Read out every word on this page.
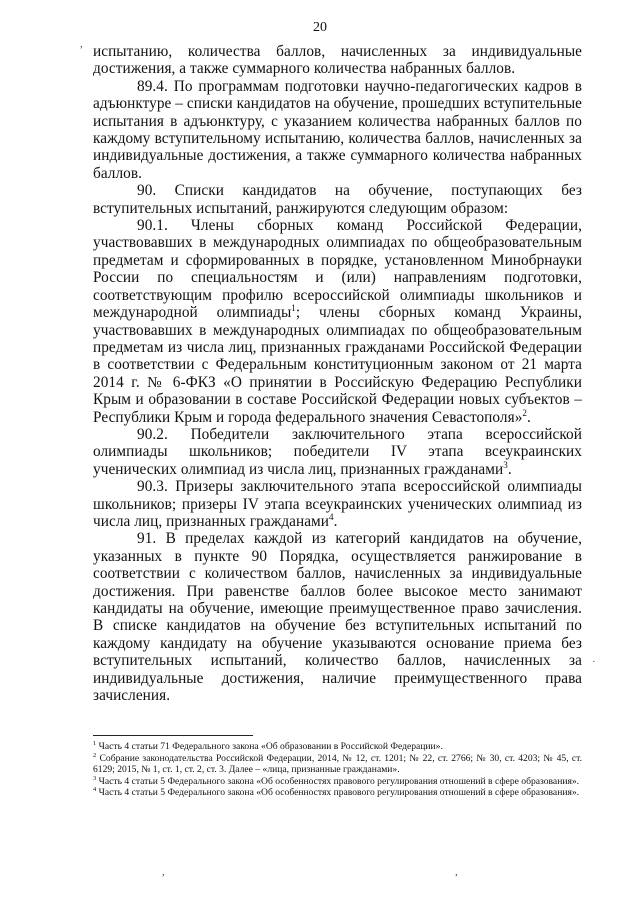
20
,
·
,	,

испытанию, количества баллов, начисленных за индивидуальные достижения, а также суммарного количества набранных баллов.

89.4. По программам подготовки научно-педагогических кадров в адъюнктуре – списки кандидатов на обучение, прошедших вступительные испытания в адъюнктуру, с указанием количества набранных баллов по каждому вступительному испытанию, количества баллов, начисленных за индивидуальные достижения, а также суммарного количества набранных баллов.

90. Списки кандидатов на обучение, поступающих без вступительных испытаний, ранжируются следующим образом:

90.1. Члены сборных команд Российской Федерации, участвовавших в международных олимпиадах по общеобразовательным предметам и сформированных в порядке, установленном Минобрнауки России по специальностям и (или) направлениям подготовки, соответствующим профилю всероссийской олимпиады школьников и международной олимпиады$^1$; члены сборных команд Украины, участвовавших в международных олимпиадах по общеобразовательным предметам из числа лиц, признанных гражданами Российской Федерации в соответствии с Федеральным конституционным законом от 21 марта 2014 г. № 6-ФКЗ «О принятии в Российскую Федерацию Республики Крым и образовании в составе Российской Федерации новых субъектов – Республики Крым и города федерального значения Севастополя»$^2$.

90.2. Победители заключительного этапа всероссийской олимпиады школьников; победители IV этапа всеукраинских ученических олимпиад из числа лиц, признанных гражданами$^3$.

90.3. Призеры заключительного этапа всероссийской олимпиады школьников; призеры IV этапа всеукраинских ученических олимпиад из числа лиц, признанных гражданами$^4$.

91. В пределах каждой из категорий кандидатов на обучение, указанных в пункте 90 Порядка, осуществляется ранжирование в соответствии с количеством баллов, начисленных за индивидуальные достижения. При равенстве баллов более высокое место занимают кандидаты на обучение, имеющие преимущественное право зачисления. В списке кандидатов на обучение без вступительных испытаний по каждому кандидату на обучение указываются основание приема без вступительных испытаний, количество баллов, начисленных за индивидуальные достижения, наличие преимущественного права зачисления.

$^1$ Часть 4 статьи 71 Федерального закона «Об образовании в Российской Федерации».

$^2$ Собрание законодательства Российской Федерации, 2014, № 12, ст. 1201; № 22, ст. 2766; № 30, ст. 4203; № 45, ст. 6129; 2015, № 1, ст. 1, ст. 2, ст. 3. Далее – «лица, признанные гражданами».

$^3$ Часть 4 статьи 5 Федерального закона «Об особенностях правового регулирования отношений в сфере образования».

$^4$ Часть 4 статьи 5 Федерального закона «Об особенностях правового регулирования отношений в сфере образования».
